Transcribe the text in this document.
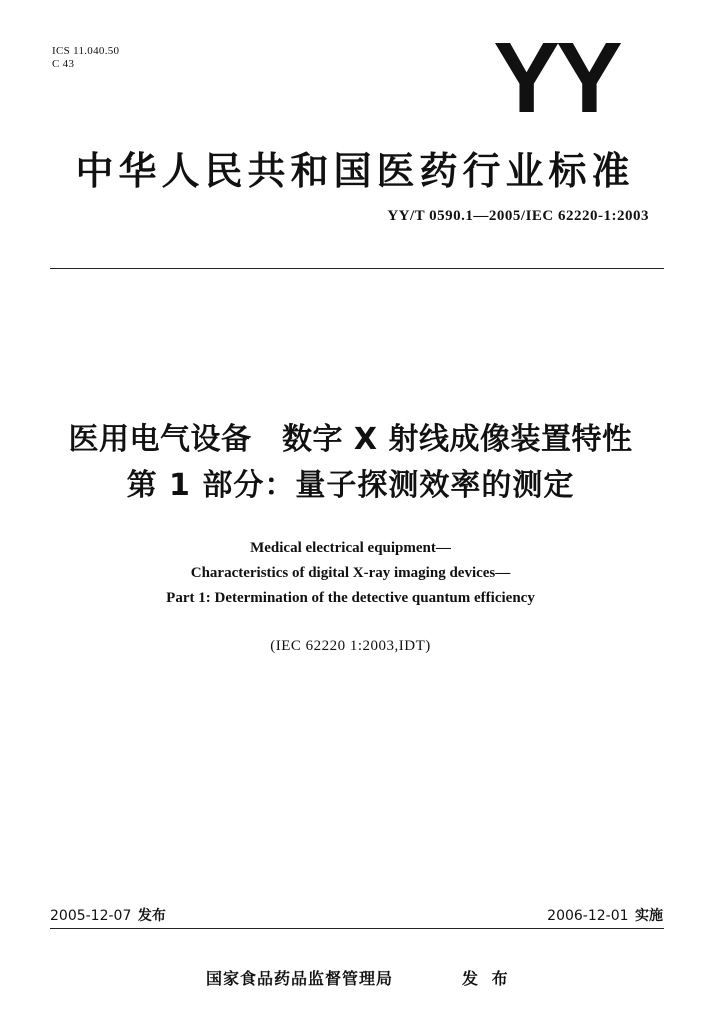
ICS 11.040.50
C 43	YY
中华人民共和国医药行业标准
YY/T 0590.1—2005/IEC 62220-1:2003
医用电气设备　数字 X 射线成像装置特性
第 1 部分：量子探测效率的测定
Medical electrical equipment—
Characteristics of digital X-ray imaging devices—
Part 1: Determination of the detective quantum efficiency
(IEC 62220 1:2003,IDT)
2005-12-07 发布	2006-12-01 实施
国家食品药品监督管理局	发 布
